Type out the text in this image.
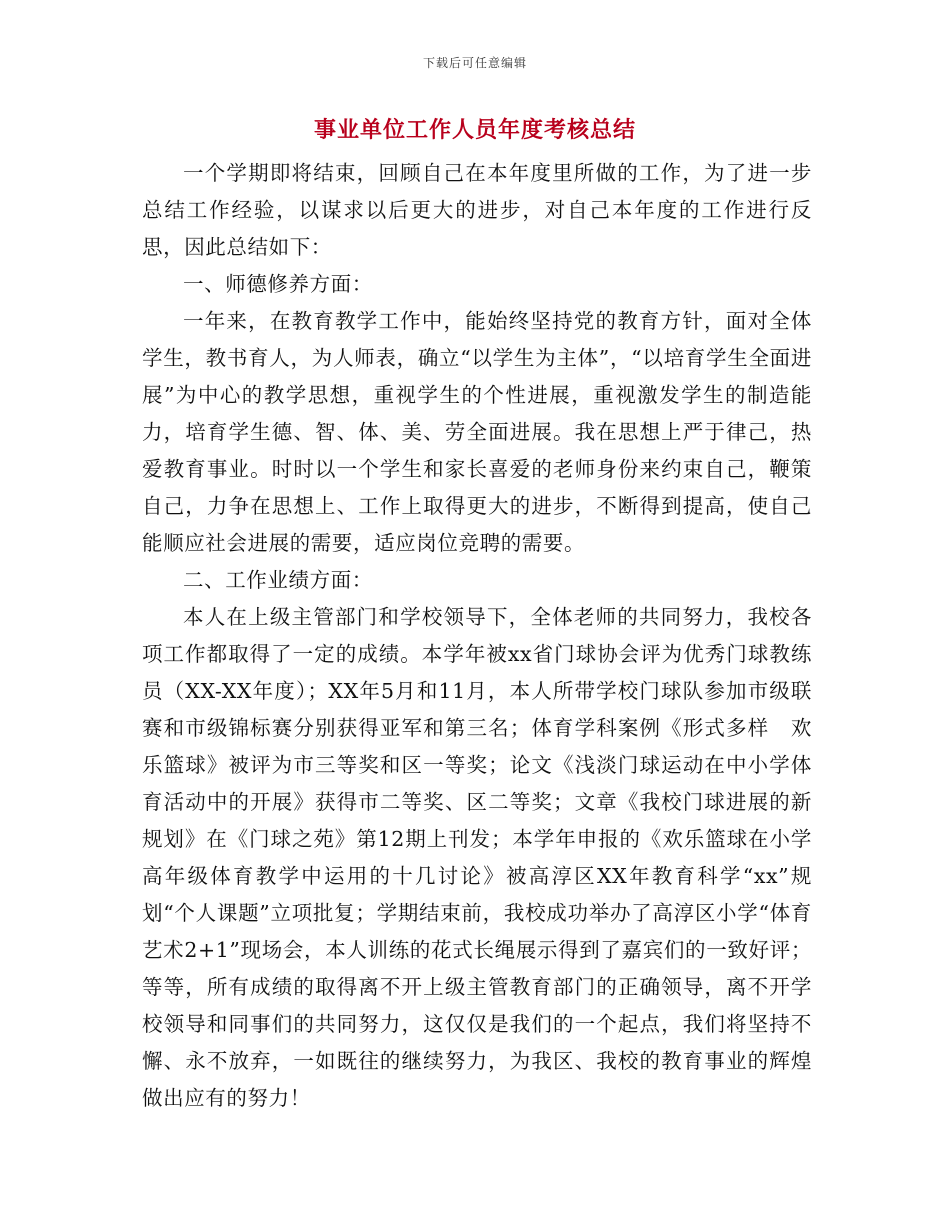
下载后可任意编辑
事业单位工作人员年度考核总结

一个学期即将结束，回顾自己在本年度里所做的工作，为了进一步总结工作经验，以谋求以后更大的进步，对自己本年度的工作进行反思，因此总结如下：

一、师德修养方面：

一年来，在教育教学工作中，能始终坚持党的教育方针，面对全体学生，教书育人，为人师表，确立“以学生为主体”，“以培育学生全面进展”为中心的教学思想，重视学生的个性进展，重视激发学生的制造能力，培育学生德、智、体、美、劳全面进展。我在思想上严于律己，热爱教育事业。时时以一个学生和家长喜爱的老师身份来约束自己，鞭策自己，力争在思想上、工作上取得更大的进步，不断得到提高，使自己能顺应社会进展的需要，适应岗位竞聘的需要。

二、工作业绩方面：

本人在上级主管部门和学校领导下，全体老师的共同努力，我校各项工作都取得了一定的成绩。本学年被xx省门球协会评为优秀门球教练员（XX-XX年度）；XX年5月和11月，本人所带学校门球队参加市级联赛和市级锦标赛分别获得亚军和第三名；体育学科案例《形式多样　欢乐篮球》被评为市三等奖和区一等奖；论文《浅淡门球运动在中小学体育活动中的开展》获得市二等奖、区二等奖；文章《我校门球进展的新规划》在《门球之苑》第12期上刊发；本学年申报的《欢乐篮球在小学高年级体育教学中运用的十几讨论》被高淳区XX年教育科学“xx”规划“个人课题”立项批复；学期结束前，我校成功举办了高淳区小学“体育艺术2+1”现场会，本人训练的花式长绳展示得到了嘉宾们的一致好评；等等，所有成绩的取得离不开上级主管教育部门的正确领导，离不开学校领导和同事们的共同努力，这仅仅是我们的一个起点，我们将坚持不懈、永不放弃，一如既往的继续努力，为我区、我校的教育事业的辉煌做出应有的努力！
